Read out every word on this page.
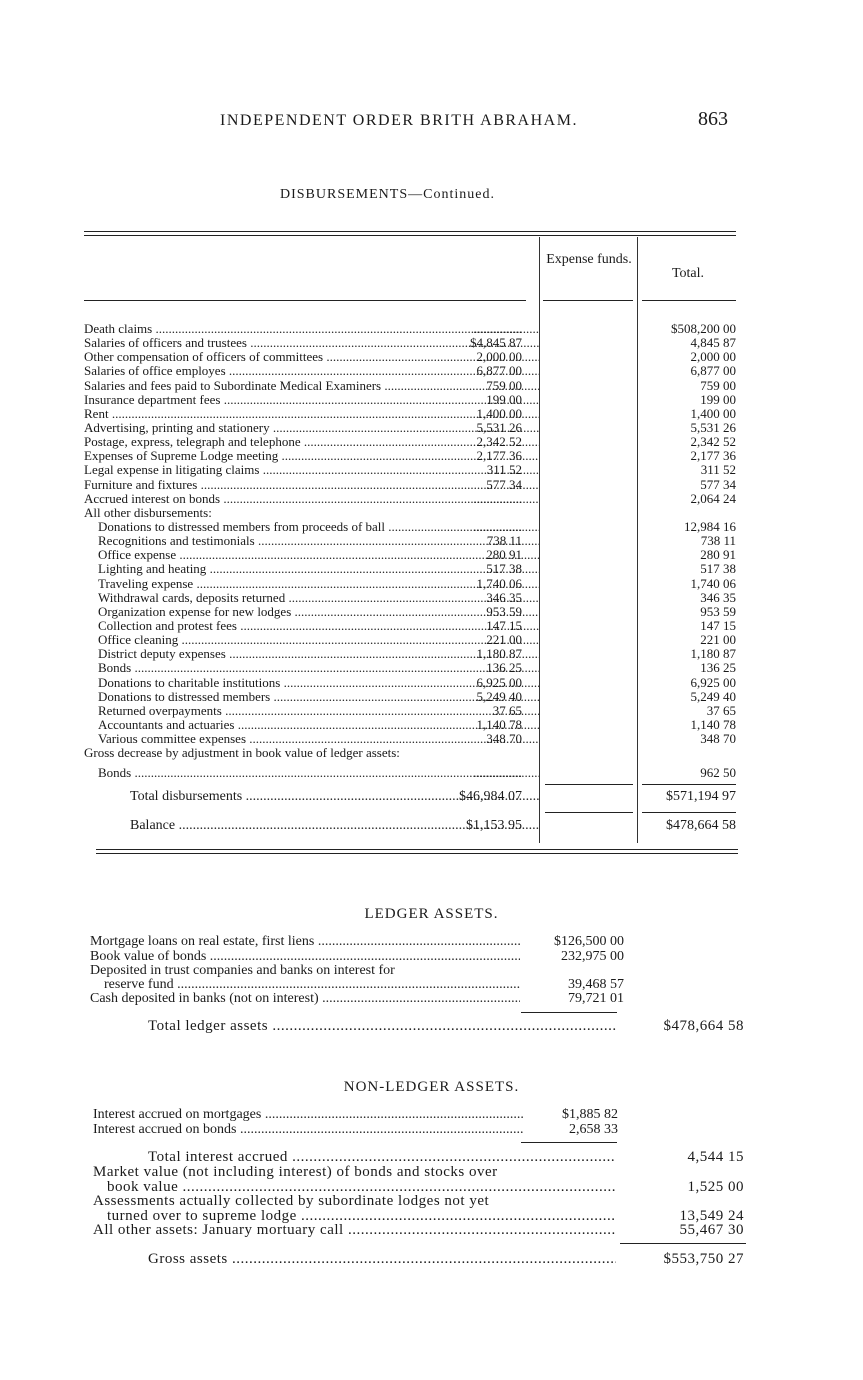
INDEPENDENT ORDER BRITH ABRAHAM.	863
DISBURSEMENTS—Continued.
Expense funds.
Total.
Death claims .....	...............	$508,200 00
Salaries of officers and trustees .....	$4,845 87	4,845 87
Other compensation of officers of committees .....	2,000 00	2,000 00
Salaries of office employes .....	6,877 00	6,877 00
Salaries and fees paid to Subordinate Medical Examiners .....	759 00	759 00
Insurance department fees .....	199 00	199 00
Rent .....	1,400 00	1,400 00
Advertising, printing and stationery .....	5,531 26	5,531 26
Postage, express, telegraph and telephone .....	2,342 52	2,342 52
Expenses of Supreme Lodge meeting .....	2,177 36	2,177 36
Legal expense in litigating claims .....	311 52	311 52
Furniture and fixtures .....	577 34	577 34
Accrued interest on bonds .....	...............	2,064 24
All other disbursements:
Donations to distressed members from proceeds of ball .....	...............	12,984 16
Recognitions and testimonials .....	738 11	738 11
Office expense .....	280 91	280 91
Lighting and heating .....	517 38	517 38
Traveling expense .....	1,740 06	1,740 06
Withdrawal cards, deposits returned .....	346 35	346 35
Organization expense for new lodges .....	953 59	953 59
Collection and protest fees .....	147 15	147 15
Office cleaning .....	221 00	221 00
District deputy expenses .....	1,180 87	1,180 87
Bonds .....	136 25	136 25
Donations to charitable institutions .....	6,925 00	6,925 00
Donations to distressed members .....	5,249 40	5,249 40
Returned overpayments .....	37 65	37 65
Accountants and actuaries .....	1,140 78	1,140 78
Various committee expenses .....	348 70	348 70
Gross decrease by adjustment in book value of ledger assets:
Bonds .....	...............	962 50
Total disbursements .....	$46,984 07	$571,194 97
Balance .....	$1,153 95	$478,664 58
LEDGER ASSETS.
Mortgage loans on real estate, first liens .....	$126,500 00
Book value of bonds .....	232,975 00
Deposited in trust companies and banks on interest for
reserve fund .....	39,468 57
Cash deposited in banks (not on interest) .....	79,721 01
Total ledger assets .....	$478,664 58
NON-LEDGER ASSETS.
Interest accrued on mortgages .....	$1,885 82
Interest accrued on bonds .....	2,658 33
Total interest accrued .....	4,544 15
Market value (not including interest) of bonds and stocks over
book value .....	1,525 00
Assessments actually collected by subordinate lodges not yet
turned over to supreme lodge .....	13,549 24
All other assets: January mortuary call .....	55,467 30
Gross assets .....	$553,750 27
